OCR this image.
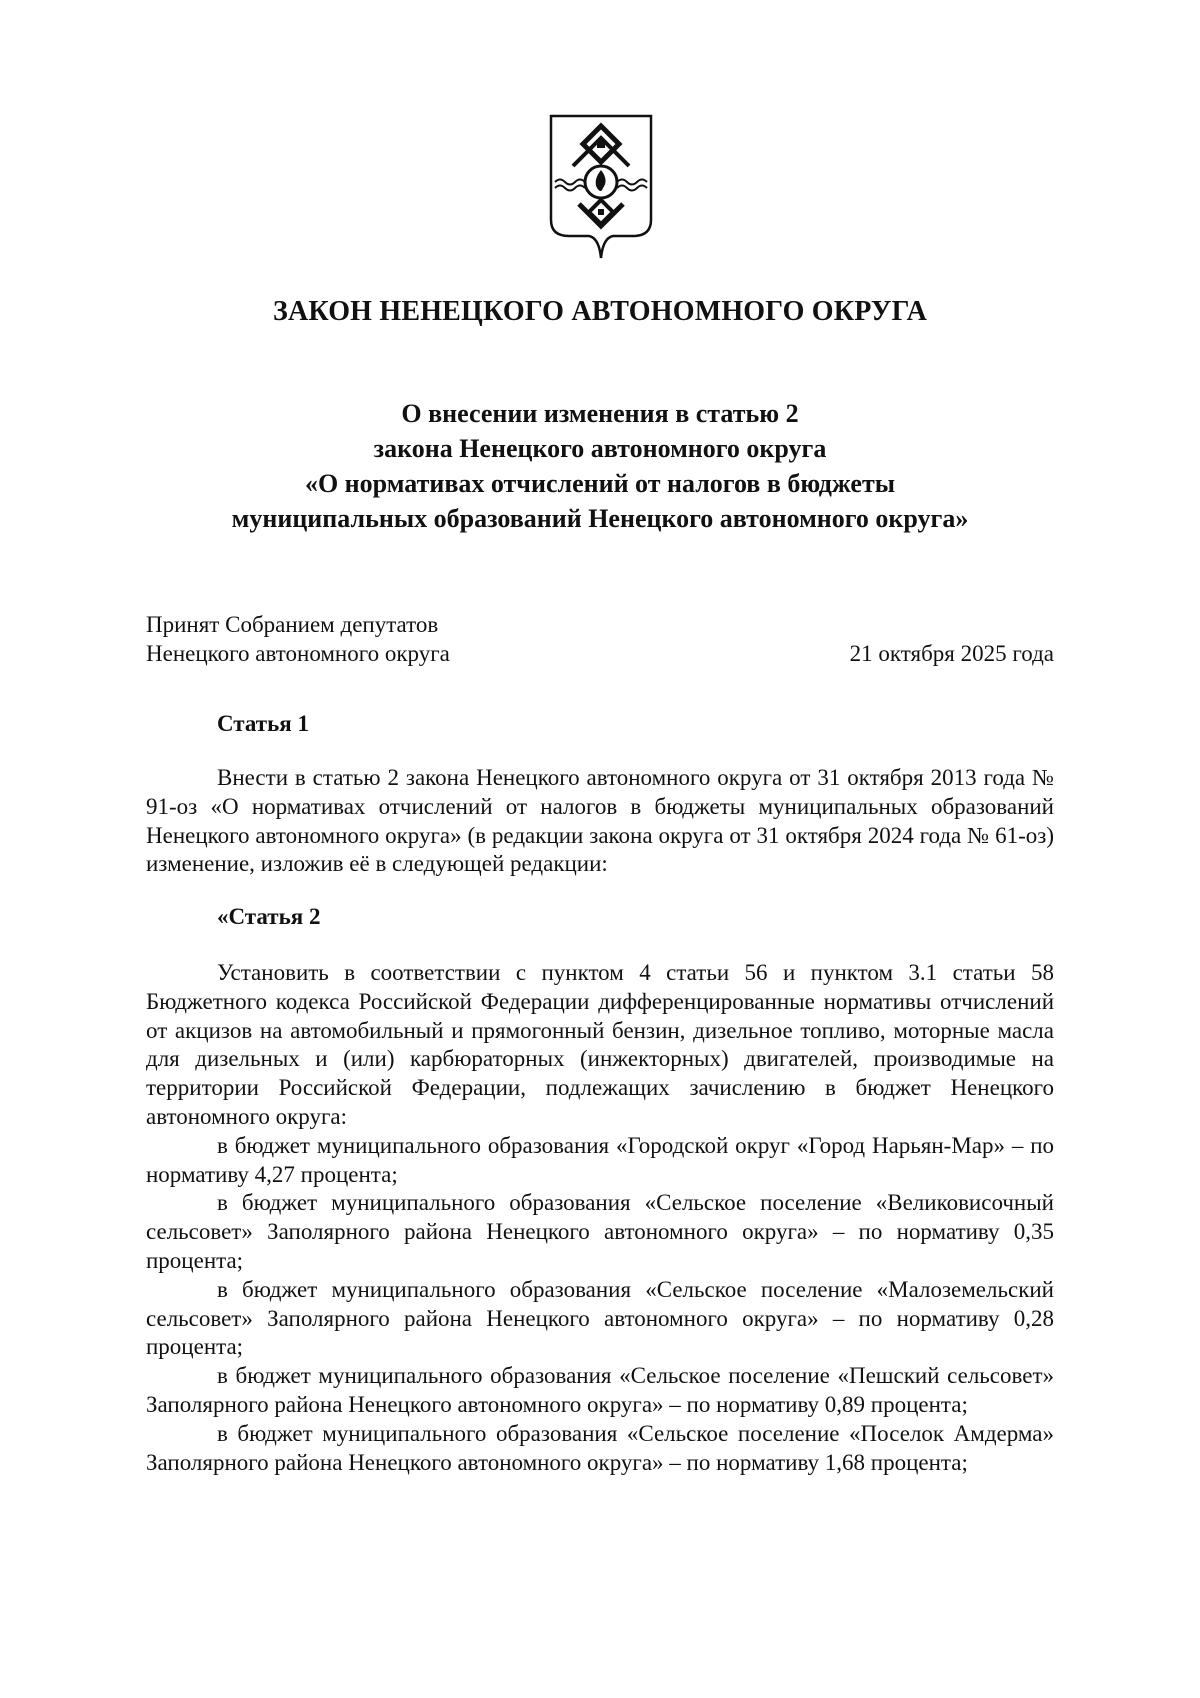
ЗАКОН НЕНЕЦКОГО АВТОНОМНОГО ОКРУГА
О внесении изменения в статью 2
закона Ненецкого автономного округа
«О нормативах отчислений от налогов в бюджеты
муниципальных образований Ненецкого автономного округа»
Принят Собранием депутатов
Ненецкого автономного округа	21 октября 2025 года
Статья 1

Внести в статью 2 закона Ненецкого автономного округа от 31 октября 2013 года № 91-оз «О нормативах отчислений от налогов в бюджеты муниципальных образований Ненецкого автономного округа» (в редакции закона округа от 31 октября 2024 года № 61-оз) изменение, изложив её в следующей редакции:

«Статья 2

Установить в соответствии с пунктом 4 статьи 56 и пунктом 3.1 статьи 58 Бюджетного кодекса Российской Федерации дифференцированные нормативы отчислений от акцизов на автомобильный и прямогонный бензин, дизельное топливо, моторные масла для дизельных и (или) карбюраторных (инжекторных) двигателей, производимые на территории Российской Федерации, подлежащих зачислению в бюджет Ненецкого автономного округа:

в бюджет муниципального образования «Городской округ «Город Нарьян-Мар» – по нормативу 4,27 процента;

в бюджет муниципального образования «Сельское поселение «Великовисочный сельсовет» Заполярного района Ненецкого автономного округа» – по нормативу 0,35 процента;

в бюджет муниципального образования «Сельское поселение «Малоземельский сельсовет» Заполярного района Ненецкого автономного округа» – по нормативу 0,28 процента;

в бюджет муниципального образования «Сельское поселение «Пешский сельсовет» Заполярного района Ненецкого автономного округа» – по нормативу 0,89 процента;

в бюджет муниципального образования «Сельское поселение «Поселок Амдерма» Заполярного района Ненецкого автономного округа» – по нормативу 1,68 процента;
